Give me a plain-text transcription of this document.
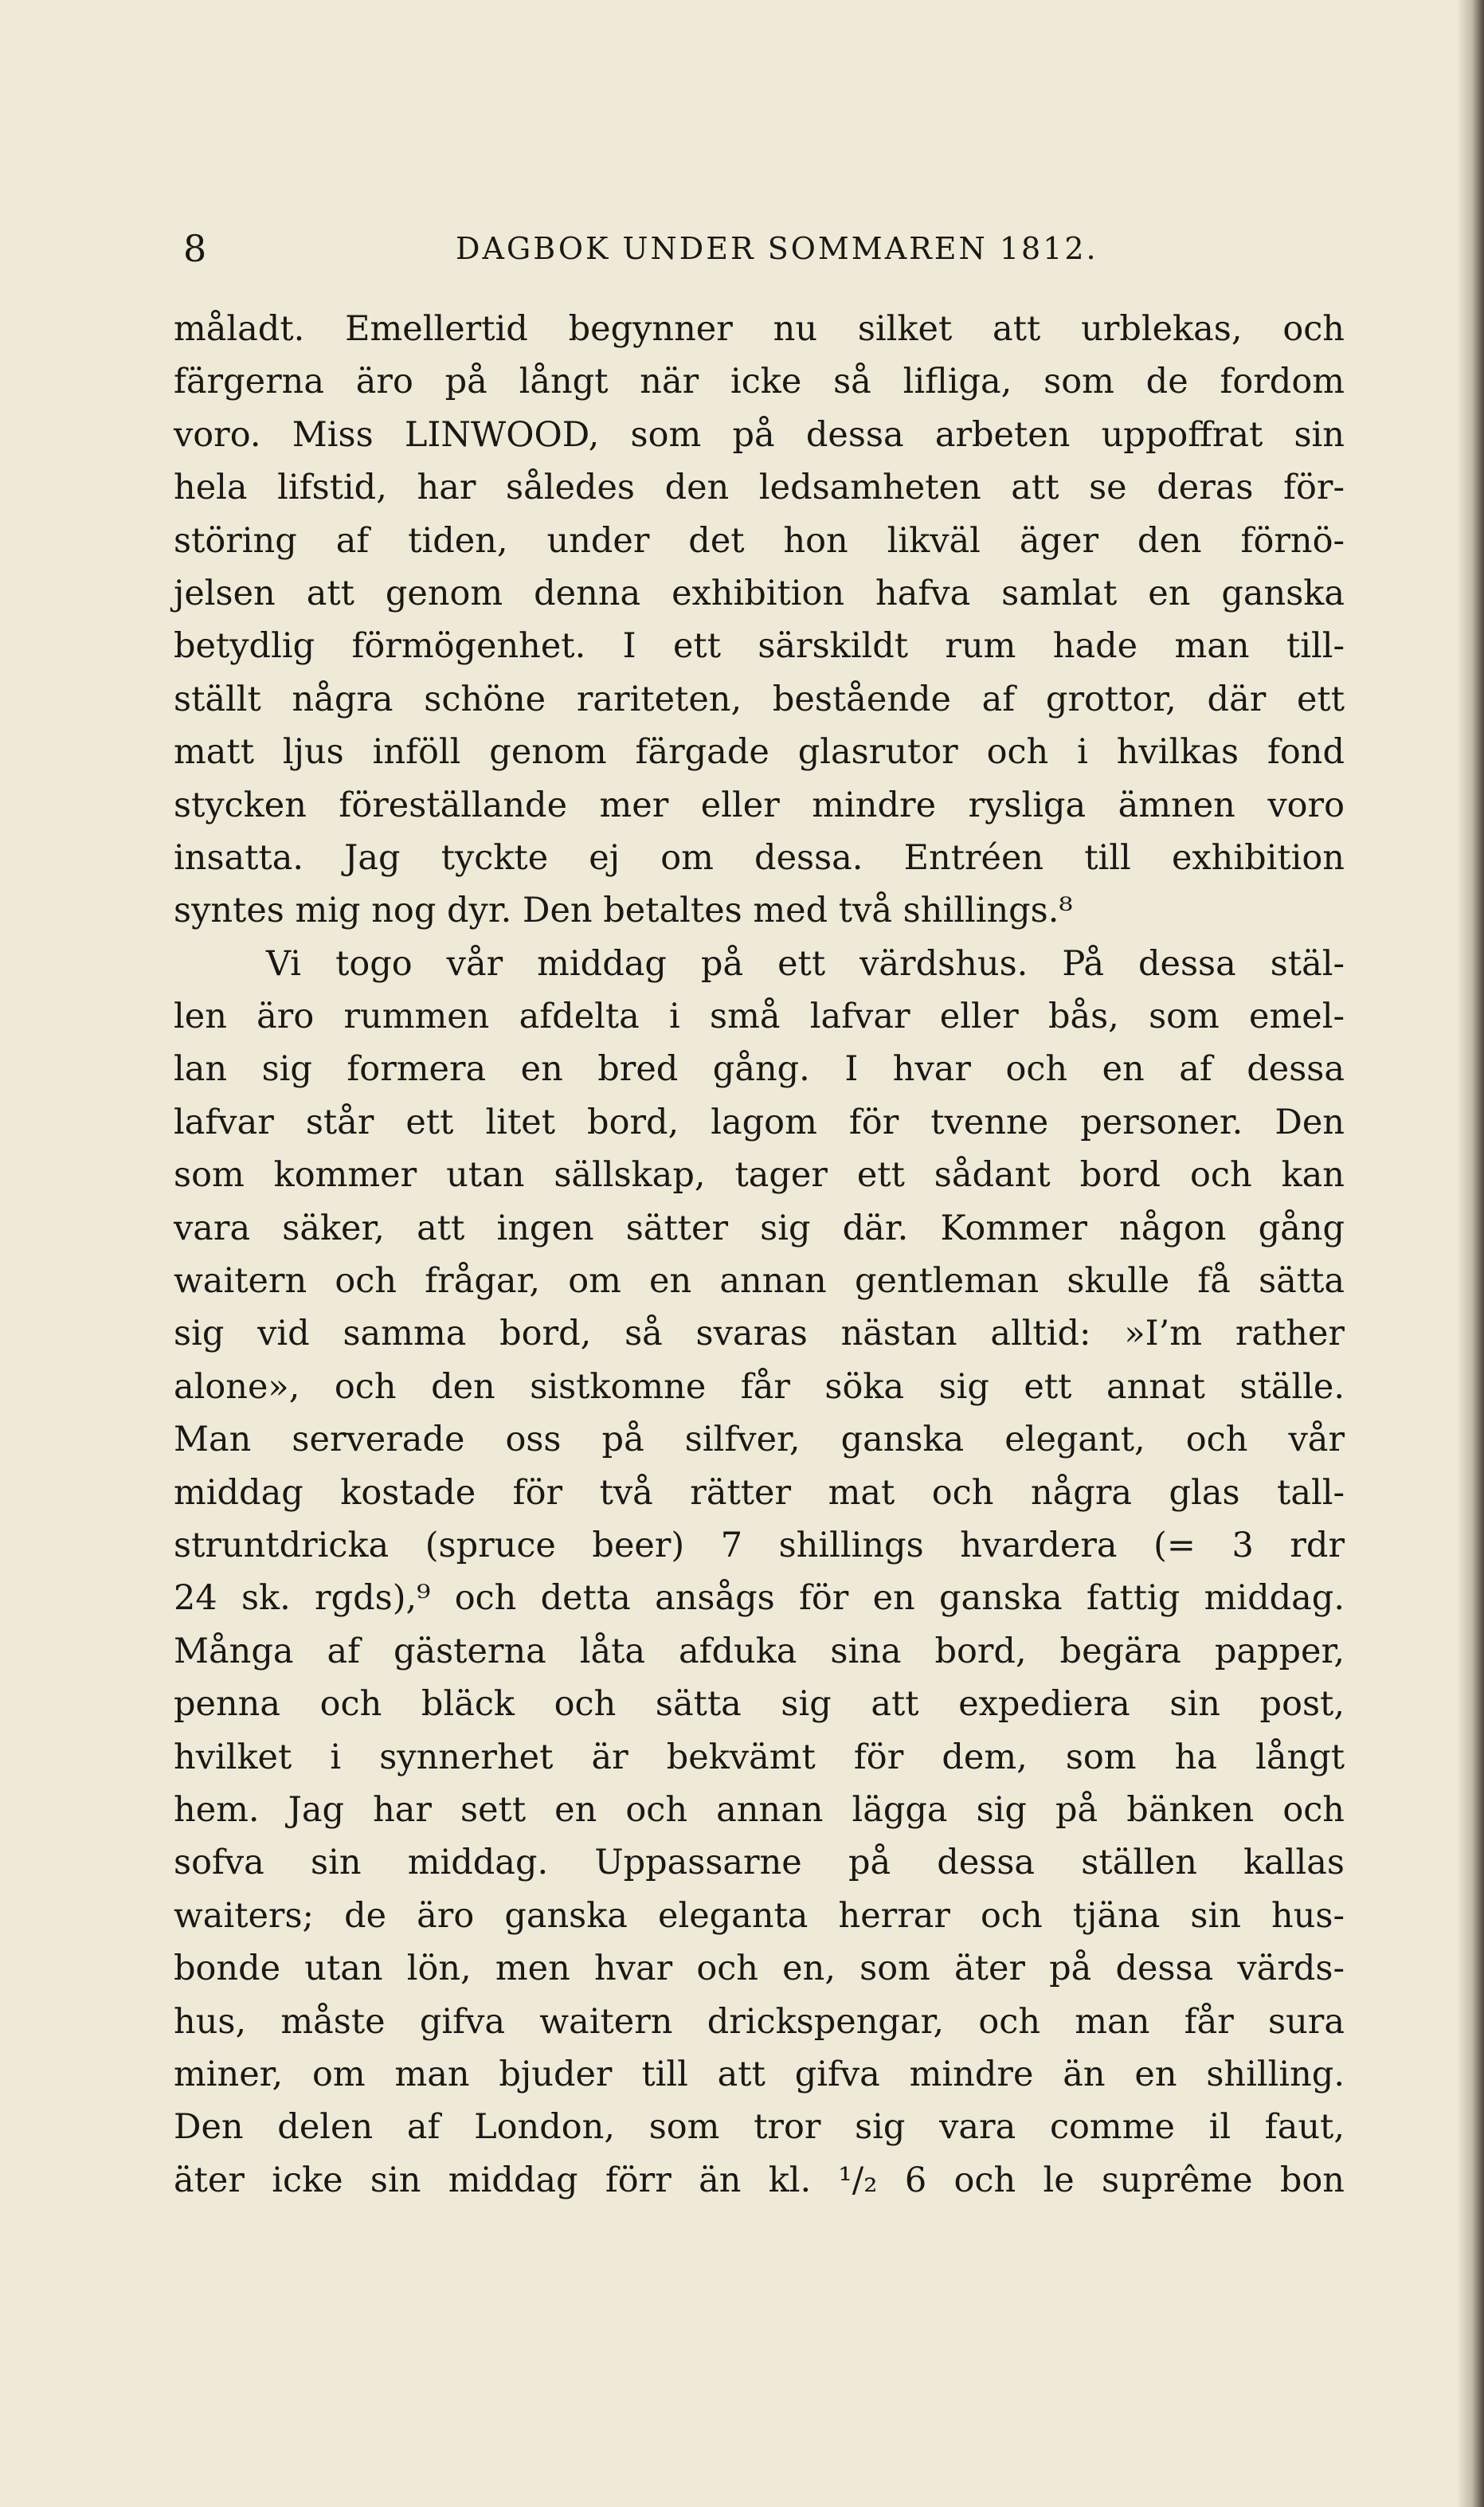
8	DAGBOK UNDER SOMMAREN 1812.
måladt. Emellertid begynner nu silket att urblekas, och
färgerna äro på långt när icke så lifliga, som de fordom
voro. Miss LINWOOD, som på dessa arbeten uppoffrat sin
hela lifstid, har således den ledsamheten att se deras för-
störing af tiden, under det hon likväl äger den förnö-
jelsen att genom denna exhibition hafva samlat en ganska
betydlig förmögenhet. I ett särskildt rum hade man till-
ställt några schöne rariteten, bestående af grottor, där ett
matt ljus inföll genom färgade glasrutor och i hvilkas fond
stycken föreställande mer eller mindre rysliga ämnen voro
insatta. Jag tyckte ej om dessa. Entréen till exhibition
syntes mig nog dyr. Den betaltes med två shillings.⁸
Vi togo vår middag på ett värdshus. På dessa stäl-
len äro rummen afdelta i små lafvar eller bås, som emel-
lan sig formera en bred gång. I hvar och en af dessa
lafvar står ett litet bord, lagom för tvenne personer. Den
som kommer utan sällskap, tager ett sådant bord och kan
vara säker, att ingen sätter sig där. Kommer någon gång
waitern och frågar, om en annan gentleman skulle få sätta
sig vid samma bord, så svaras nästan alltid: »I’m rather
alone», och den sistkomne får söka sig ett annat ställe.
Man serverade oss på silfver, ganska elegant, och vår
middag kostade för två rätter mat och några glas tall-
struntdricka (spruce beer) 7 shillings hvardera (= 3 rdr
24 sk. rgds),⁹ och detta ansågs för en ganska fattig middag.
Många af gästerna låta afduka sina bord, begära papper,
penna och bläck och sätta sig att expediera sin post,
hvilket i synnerhet är bekvämt för dem, som ha långt
hem. Jag har sett en och annan lägga sig på bänken och
sofva sin middag. Uppassarne på dessa ställen kallas
waiters; de äro ganska eleganta herrar och tjäna sin hus-
bonde utan lön, men hvar och en, som äter på dessa värds-
hus, måste gifva waitern drickspengar, och man får sura
miner, om man bjuder till att gifva mindre än en shilling.
Den delen af London, som tror sig vara comme il faut,
äter icke sin middag förr än kl. ¹/₂ 6 och le suprême bon
